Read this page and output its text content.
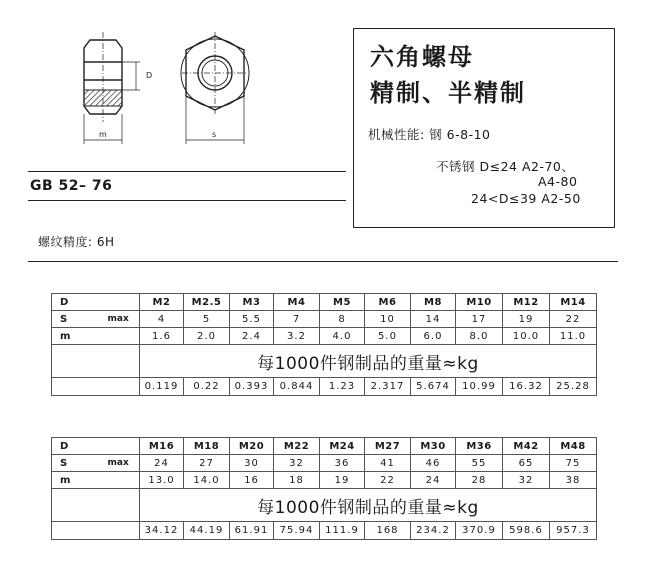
D
m	s
六角螺母
精制、半精制
机械性能: 钢 6-8-10
不锈钢 D≤24 A2-70、
A4-80
24<D≤39 A2-50
GB 52– 76
螺纹精度: 6H
D		M2	M2.5	M3	M4	M5	M6	M8	M10	M12	M14
S	max	4	5	5.5	7	8	10	14	17	19	22
m		1.6	2.0	2.4	3.2	4.0	5.0	6.0	8.0	10.0	11.0
		每1000件钢制品的重量≈kg									
		0.119	0.22	0.393	0.844	1.23	2.317	5.674	10.99	16.32	25.28
D		M16	M18	M20	M22	M24	M27	M30	M36	M42	M48
S	max	24	27	30	32	36	41	46	55	65	75
m		13.0	14.0	16	18	19	22	24	28	32	38
		每1000件钢制品的重量≈kg									
		34.12	44.19	61.91	75.94	111.9	168	234.2	370.9	598.6	957.3
